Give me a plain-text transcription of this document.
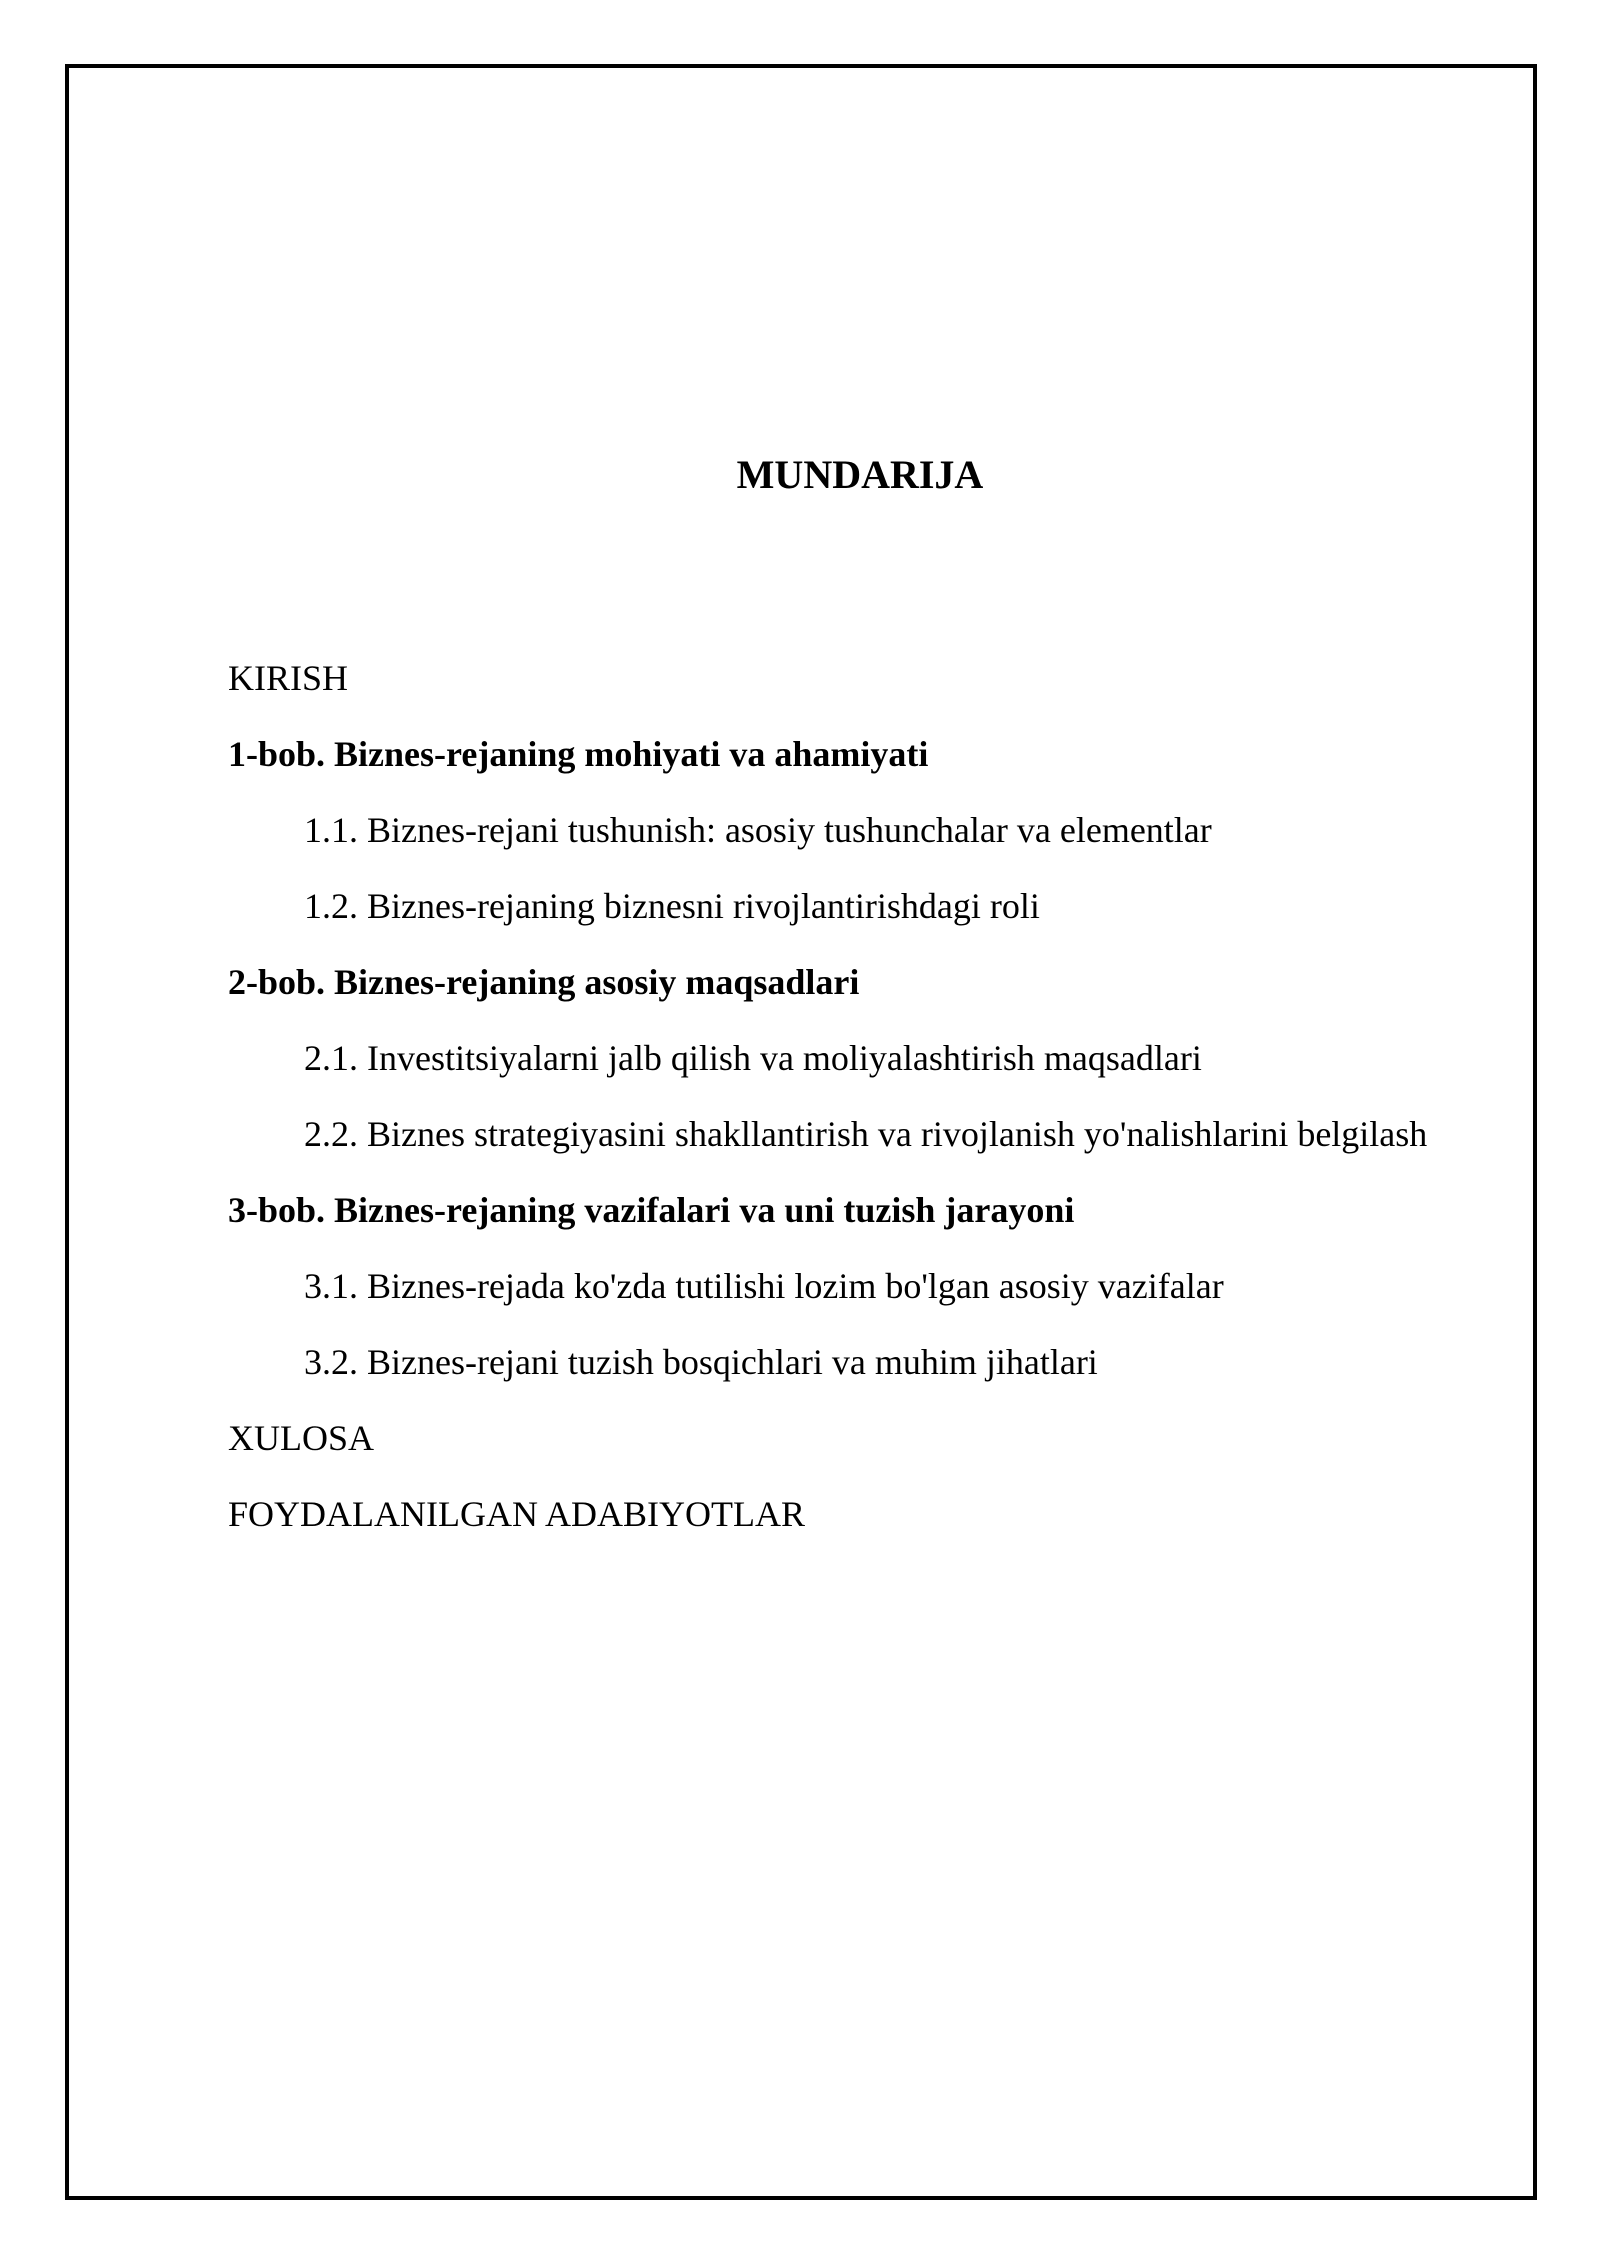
MUNDARIJA
KIRISH
1-bob. Biznes-rejaning mohiyati va ahamiyati
1.1. Biznes-rejani tushunish: asosiy tushunchalar va elementlar
1.2. Biznes-rejaning biznesni rivojlantirishdagi roli
2-bob. Biznes-rejaning asosiy maqsadlari
2.1. Investitsiyalarni jalb qilish va moliyalashtirish maqsadlari
2.2. Biznes strategiyasini shakllantirish va rivojlanish yo'nalishlarini belgilash
3-bob. Biznes-rejaning vazifalari va uni tuzish jarayoni
3.1. Biznes-rejada ko'zda tutilishi lozim bo'lgan asosiy vazifalar
3.2. Biznes-rejani tuzish bosqichlari va muhim jihatlari
XULOSA
FOYDALANILGAN ADABIYOTLAR
